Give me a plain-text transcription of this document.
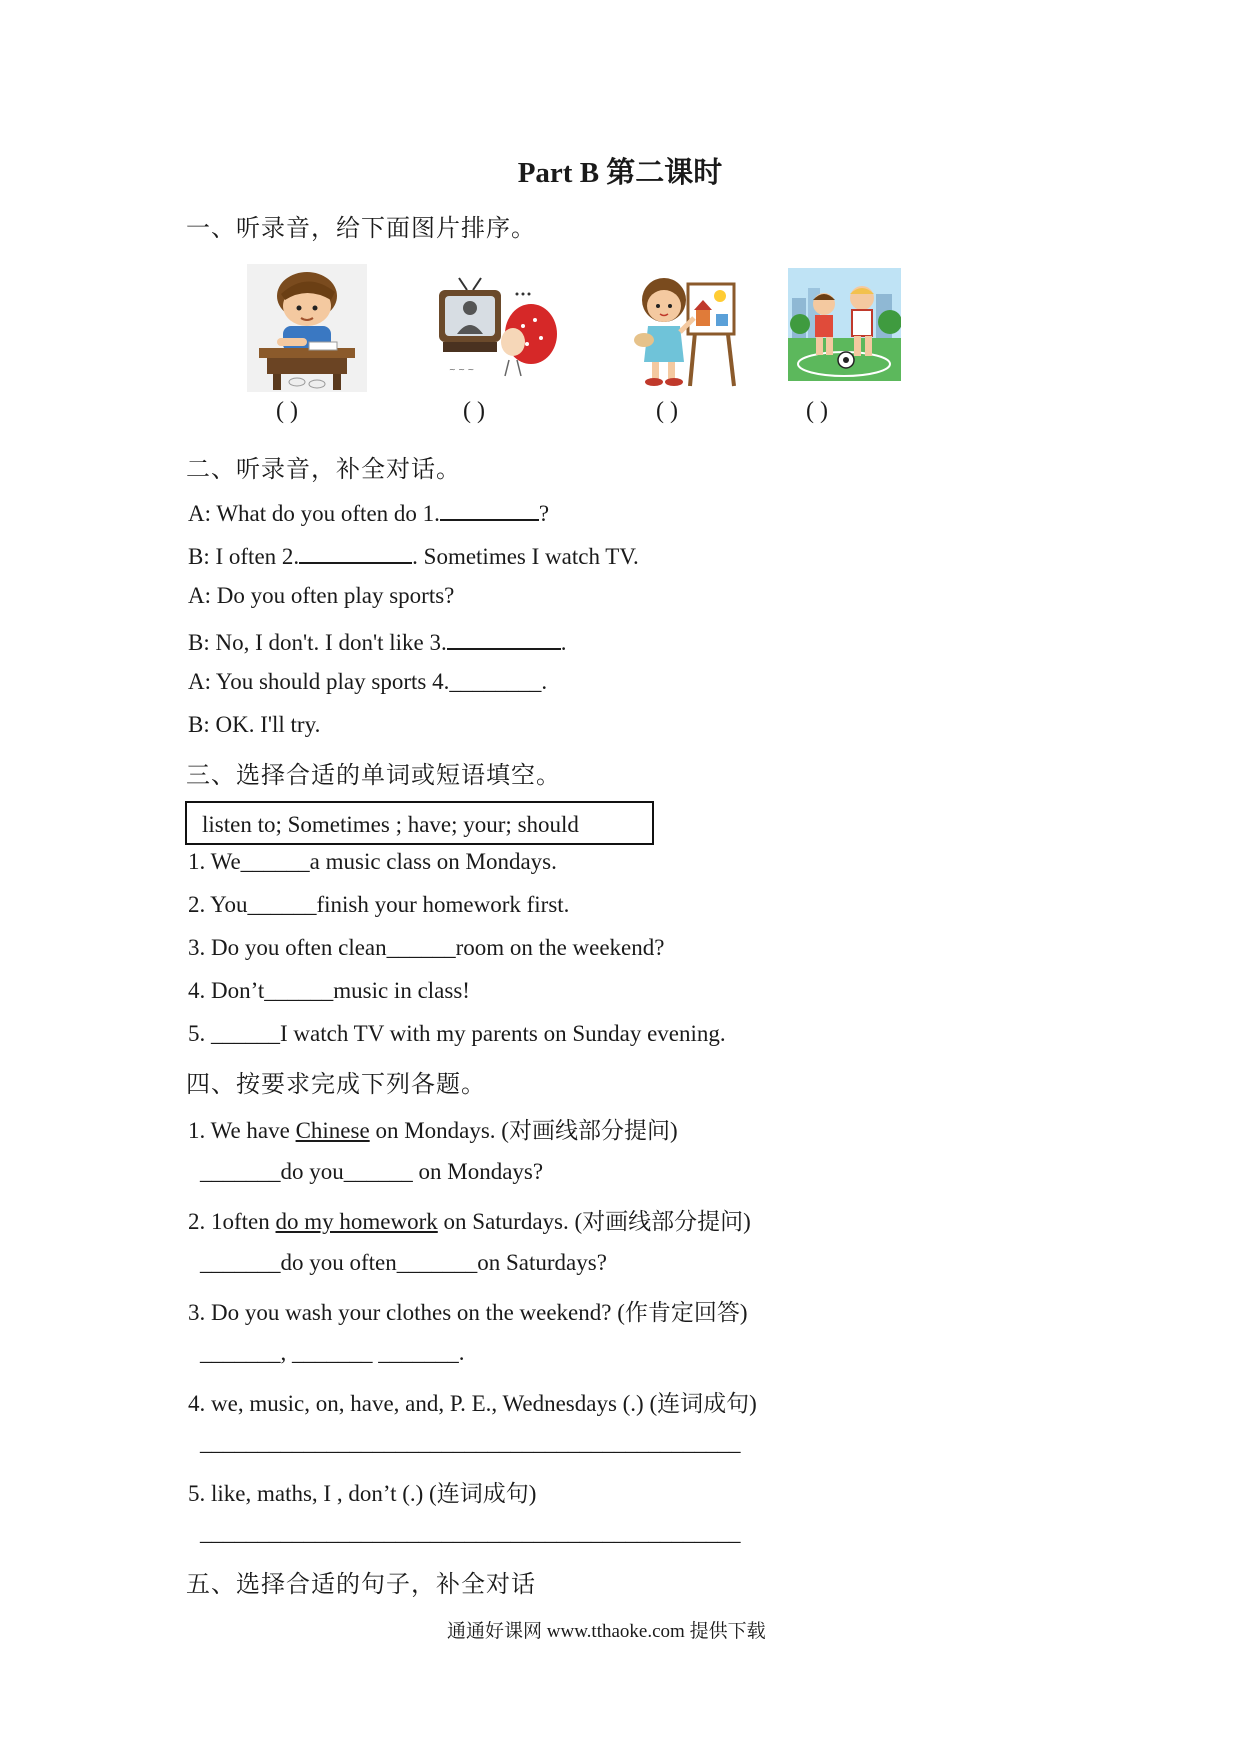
Part B 第二课时
一、听录音，给下面图片排序。
( )
~ ~ ~
( )	( )	( )
二、听录音，补全对话。
A: What do you often do 1.	?
B: I often 2.	. Sometimes I watch TV.
A: Do you often play sports?
B: No, I don't. I don't like 3.	.
A: You should play sports 4.________.
B: OK. I'll try.
三、选择合适的单词或短语填空。
listen to; Sometimes ; have; your; should
1. We______a music class on Mondays.
2. You______finish your homework first.
3. Do you often clean______room on the weekend?
4. Don’t______music in class!
5. ______I watch TV with my parents on Sunday evening.
四、按要求完成下列各题。
1. We have Chinese on Mondays. (对画线部分提问)
_______do you______ on Mondays?
2. 1often do my homework on Saturdays. (对画线部分提问)
_______do you often_______on Saturdays?
3. Do you wash your clothes on the weekend? (作肯定回答)
_______, _______ _______.
4. we, music, on, have, and, P. E., Wednesdays (.) (连词成句)
_______________________________________________
5. like, maths, I , don’t (.) (连词成句)
_______________________________________________
五、选择合适的句子，补全对话
通通好课网 www.tthaoke.com 提供下载
